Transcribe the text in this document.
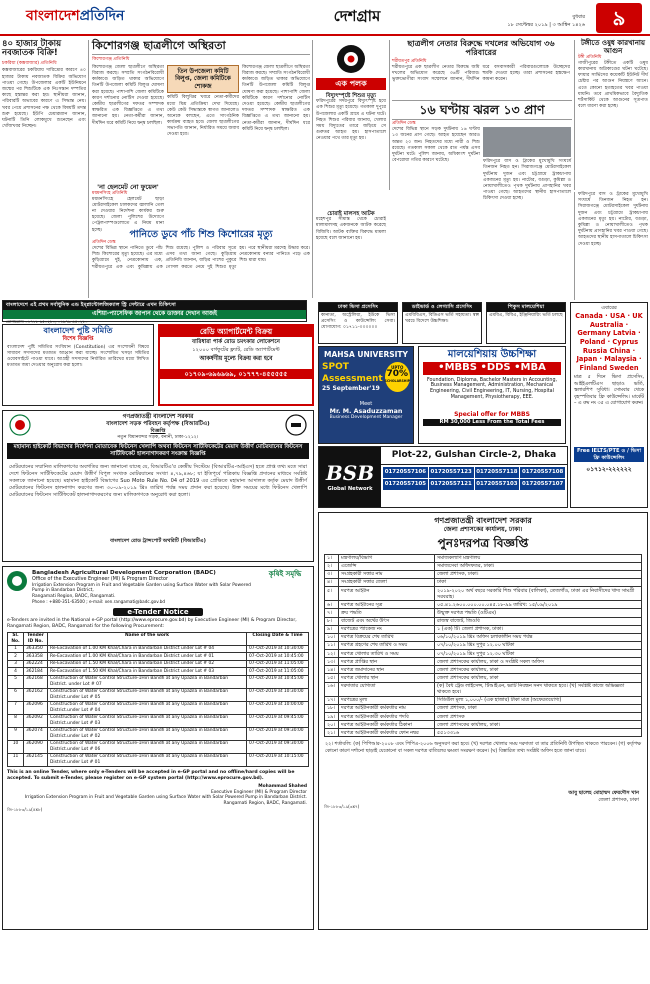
বাংলাদেশপ্রতিদিন	দেশগ্রাম	বুধবার
১৮ সেপ্টেম্বর ২০১৯ | ৩ আশ্বিন ১৪২৬	৯
৪০ হাজার টাকায় নবজাতক বিক্রি!
চকরিয়া (কক্সবাজার) প্রতিনিধি
কক্সবাজারের চকরিয়ায় দারিদ্র্যের কারণে ৪০ হাজার টাকায় নবজাতক বিক্রির অভিযোগ পাওয়া গেছে। উপজেলার একটি ইউনিয়নে জন্মের পর শিশুটিকে এক নিঃসন্তান দম্পতির কাছে হস্তান্তর করা হয়। স্থানীয়রা জানান, পরিবারটি অভাবের কারণে এ সিদ্ধান্ত নেয়। খবর পেয়ে প্রশাসনের পক্ষ থেকে বিষয়টি তদন্ত শুরু হয়েছে। ইউপি চেয়ারম্যান জানান, ঘটনাটি তিনি লোকমুখে শুনেছেন এবং খোঁজখবর নিচ্ছেন।
বাংলাদেশে এই প্রথম সর্বাধুনিক এন্ড ইম্প্লান্টোলজিক্যাল স্ট্রি সেন্টারে এখন চিকিৎসা
এশিয়া-প্যাসেফিক জাপান থেকে ডাক্তার দেখান আজই
যোগাযোগ: ০১৭১৮-৬৫০২৮০, ০১৯৭৯-৬৫০২৮০
কিশোরগঞ্জ ছাত্রলীগে অস্থিরতা
কিশোরগঞ্জ প্রতিনিধি
কিশোরগঞ্জ জেলা ছাত্রলীগে অস্থিরতা বিরাজ করছে। সম্প্রতি সংগঠনবিরোধী কর্মকাণ্ডে জড়িত থাকার অভিযোগে তিনটি উপজেলা কমিটি বিলুপ্ত ঘোষণা করা হয়েছে। পাশাপাশি জেলা কমিটিকে কারণ দর্শানোর নোটিস দেওয়া হয়েছে। কেন্দ্রীয় ছাত্রলীগের দফতর সম্পাদক স্বাক্ষরিত এক বিজ্ঞপ্তিতে এ তথ্য জানানো হয়। নেতা-কর্মীরা জানান, দীর্ঘদিন ধরে কমিটি নিয়ে দ্বন্দ্ব চলছিল।
তিন উপজেলা কমিটি বিলুপ্ত, জেলা কমিটিকে শোকজ
কমিটি বিলুপ্তির খবরে নেতা-কর্মীদের মধ্যে মিশ্র প্রতিক্রিয়া দেখা দিয়েছে। কেউ কেউ সিদ্ধান্তকে স্বাগত জানালেও অনেকে বলছেন, এতে সাংগঠনিক কার্যক্রম ব্যাহত হবে। জেলা ছাত্রলীগের সভাপতি জানান, নির্ধারিত সময়ে জবাব দেওয়া হবে।
কিশোরগঞ্জ জেলা ছাত্রলীগে অস্থিরতা বিরাজ করছে। সম্প্রতি সংগঠনবিরোধী কর্মকাণ্ডে জড়িত থাকার অভিযোগে তিনটি উপজেলা কমিটি বিলুপ্ত ঘোষণা করা হয়েছে। পাশাপাশি জেলা কমিটিকে কারণ দর্শানোর নোটিস দেওয়া হয়েছে। কেন্দ্রীয় ছাত্রলীগের দফতর সম্পাদক স্বাক্ষরিত এক বিজ্ঞপ্তিতে এ তথ্য জানানো হয়। নেতা-কর্মীরা জানান, দীর্ঘদিন ধরে কমিটি নিয়ে দ্বন্দ্ব চলছিল।
'না হেলমেট নো ফুয়েল'
ময়মনসিংহ প্রতিনিধি
ময়মনসিংহে হেলমেট ছাড়া মোটরসাইকেল চালকদের জ্বালানি তেল না দেওয়ার নির্দেশনা কার্যকর শুরু হয়েছে। জেলা পুলিশের উদ্যোগে পেট্রলপাম্পগুলোতে এ নিয়ম মানা হচ্ছে।	পানিতে ডুবে পাঁচ শিশু কিশোরের মৃত্যু
প্রতিদিন ডেস্ক
দেশের বিভিন্ন স্থানে পানিতে ডুবে পাঁচ শিশু কিশোরের মৃত্যু হয়েছে। এর মধ্যে কুড়িগ্রামে দুই, নেত্রকোনায় এক, শরীয়তপুরে এক এবং কুমিল্লায় এক শিশু রয়েছে। পুলিশ ও পরিবার সূত্রে এসব তথ্য জানা গেছে। কুড়িগ্রাম প্রতিনিধি জানান, বাড়ির পাশের পুকুরে গোসল করতে নেমে দুই শিশুর মৃত্যু হয়। পরে স্থানীয়রা মরদেহ উদ্ধার করে। নেত্রকোনায় বন্যার পানিতে পড়ে এক শিশু মারা যায়।
এক পলক
বিদ্যুৎস্পৃষ্টে শিশুর মৃত্যু
ফরিদপুরের সদরপুরে বিদ্যুৎস্পৃষ্ট হয়ে এক শিশুর মৃত্যু হয়েছে। গতকাল দুপুরে উপজেলার একটি গ্রামে এ ঘটনা ঘটে। নিহত শিশুর পরিবার জানায়, খেলার সময় বিদ্যুতের তারে জড়িয়ে সে গুরুতর আহত হয়। হাসপাতালে নেওয়ার পথে তার মৃত্যু হয়।
চোরাই মালসহ আটক
মহেশপুর সীমান্ত থেকে চোরাই মালামালসহ একজনকে আটক করেছে বিজিবি। আটক ব্যক্তির বিরুদ্ধে মামলা হয়েছে বলে জানানো হয়।
ছাত্রলীগ নেতার বিরুদ্ধে দখলের অভিযোগ ৩৬ পরিবারের
শরীয়তপুর প্রতিনিধি
শরীয়তপুরে এক ছাত্রলীগ নেতার বিরুদ্ধে জমি দখলের অভিযোগ করেছে ৩৬টি পরিবার। ভুক্তভোগীরা সংবাদ সম্মেলনে জানান, দীর্ঘদিন ধরে বসবাসকারী পরিবারগুলোকে উচ্ছেদের হুমকি দেওয়া হচ্ছে। তারা প্রশাসনের হস্তক্ষেপ কামনা করেন।
টঙ্গীতে ওষুধ কারখানায় আগুন
টঙ্গী প্রতিনিধি
গাজীপুরের টঙ্গীতে একটি ওষুধ কারখানায় অগ্নিকাণ্ডের ঘটনা ঘটেছে। ফায়ার সার্ভিসের কয়েকটি ইউনিট দীর্ঘ চেষ্টার পর আগুন নিয়ন্ত্রণে আনে। এতে কোনো হতাহতের খবর পাওয়া যায়নি। তবে প্রাথমিকভাবে বৈদ্যুতিক শর্টসার্কিট থেকে আগুনের সূত্রপাত বলে ধারণা করা হচ্ছে।
১৬ ঘণ্টায় ঝরল ১৩ প্রাণ
প্রতিদিন ডেস্ক
দেশের বিভিন্ন স্থানে সড়ক দুর্ঘটনায় ১৬ ঘণ্টায় ১৩ জনের প্রাণ গেছে। আহত হয়েছেন আরও অন্তত ২০ জন। নিহতদের মধ্যে নারী ও শিশু রয়েছে। গতকাল সকাল থেকে রাত পর্যন্ত এসব দুর্ঘটনা ঘটে। পুলিশ জানায়, অধিকাংশ দুর্ঘটনা বেপরোয়া গতির কারণে ঘটেছে।	ফরিদপুরে বাস ও ট্রাকের মুখোমুখি সংঘর্ষে তিনজন নিহত হন। সিরাজগঞ্জে মোটরসাইকেল দুর্ঘটনায় দুজন এবং চট্টগ্রামে ট্রাকচাপায় একজনের মৃত্যু হয়। নাটোর, বগুড়া, কুমিল্লা ও নোয়াখালীতেও পৃথক দুর্ঘটনায় প্রাণহানির খবর পাওয়া গেছে। আহতদের স্থানীয় হাসপাতালে চিকিৎসা দেওয়া হচ্ছে।
ফরিদপুরে বাস ও ট্রাকের মুখোমুখি সংঘর্ষে তিনজন নিহত হন। সিরাজগঞ্জে মোটরসাইকেল দুর্ঘটনায় দুজন এবং চট্টগ্রামে ট্রাকচাপায় একজনের মৃত্যু হয়। নাটোর, বগুড়া, কুমিল্লা ও নোয়াখালীতেও পৃথক দুর্ঘটনায় প্রাণহানির খবর পাওয়া গেছে। আহতদের স্থানীয় হাসপাতালে চিকিৎসা দেওয়া হচ্ছে।
বাংলাদেশ পুষ্টি সমিতি
বিশেষ বিজ্ঞপ্তি
বাংলাদেশ পুষ্টি সমিতির সংবিধান (Constitution) এর সংশোধনী বিষয়ে সাধারণ সদস্যদের মতামত আহ্বান করা যাচ্ছে। সংশোধিত খসড়া সমিতির ওয়েবসাইটে পাওয়া যাবে। আগ্রহী সদস্যদের নির্ধারিত তারিখের মধ্যে লিখিত মতামত জমা দেওয়ার অনুরোধ করা হলো।
রেডি অ্যাপার্টমেন্ট বিক্রয়
বারিধারা পার্ক রোড চমৎকার লোকেশনে
১২০০০ বর্গফুটের ফ্ল্যাট, রেডি অ্যাপার্টমেন্ট
আকর্ষণীয় মূল্যে বিক্রয় করা হবে
০১৭০৯-৬৯৬৯৬৯, ০১৭৭৭-৪৫৫৫৫৫
ঢাকা ভিসা প্রসেসিং
কানাডা, অস্ট্রেলিয়া, ইউকে ভিসা প্রসেসিং ও কাউন্সেলিং সেবা। যোগাযোগ: ০১৭১১-০০০০০০
ডাইভার্ড ও লেগ্যাসি প্রসেসিং
এমবিবিএস, বিডিএস ভর্তি সহায়তা। স্বল্প খরচে বিদেশে উচ্চশিক্ষা।
পিকুস মালয়েশিয়া
এমবিএ, বিবিএ, ইঞ্জিনিয়ারিং ভর্তি চলছে
MAHSA UNIVERSITY
SPOT Assessment
25 September'19
UPTO
70%
SCHOLARSHIP
Meet
Mr. M. Asaduzzaman
Business Development Manager
মালয়েশিয়ায় উচ্চশিক্ষা
•MBBS •DDS •MBA
Foundation, Diploma, Bachelor Masters in Accounting, Business Management, Administration, Mechanical Engineering, Civil Engineering, IT, Nursing, Hospital Management, Physiotherapy, EEE.
Special offer for MBBS
RM 30,000 Less From the Total Fees
এবারের
Canada · USA · UK Australia · Germany Latvia · Poland · Cyprus Russia China · Japan · Malaysia · Finland Sweden
মাত্র ৫ দিনে ভিসা প্রসেসিং, আইইএলটিএস ছাড়াও ভর্তি, স্কলারশিপ সুবিধা। সোমবার থেকে বৃহস্পতিবার ফ্রি কাউন্সেলিং। মার্কেট – এ রুম নং ৩৫ এ যোগাযোগ করুন।
Free IELTS/PTE ও / ভিসা ফ্রি কাউন্সেলিং
০১৭১২-২২২২২২
BSB
Global Network
Plot-22, Gulshan Circle-2, Dhaka
01720557106 01720557123 01720557118 01720557108
01720557105 01720557121 01720557103 01720557107
গণপ্রজাতন্ত্রী বাংলাদেশ সরকার
বাংলাদেশ সড়ক পরিবহন কর্তৃপক্ষ (বিআরটিএ)
বিজ্ঞপ্তি
নতুন বিমানবন্দর সড়ক, বনানী, ঢাকা-১২১২।
মহামান্য হাইকোর্ট বিভাগের নির্দেশনা মোতাবেক ফিটনেস খেলাপি অথবা ফিটনেস সার্টিফিকেটের মেয়াদ উত্তীর্ণ মোটরযানের ফিটনেস সার্টিফিকেট হালনাগাদকরণ সংক্রান্ত বিজ্ঞপ্তি
মোটরযানের সম্মানিত মালিকগণের অবগতির জন্য জানানো যাচ্ছে যে, বিআরটিএ'র কেন্দ্রীয় সিস্টেমে (বিআরটিএ-আইএস) হতে প্রাপ্ত তথ্য মতে সারা দেশে ফিটনেস সার্টিফিকেটের মেয়াদ উত্তীর্ণ বিপুল সংখ্যক মোটরযানের সংখ্যা ৪,৭৯,৪৬৮; যা ইতিপূর্বে পত্রিকায় বিজ্ঞপ্তি প্রদানের মাধ্যমে সংশ্লিষ্ট সকলকে জানানো হয়েছে। মহামান্য হাইকোর্ট বিভাগের Suo Moto Rule No. 04 of 2019 এর প্রেক্ষিতে মহামান্য আদালত কর্তৃক মেয়াদ উত্তীর্ণ মোটরযানের ফিটনেস হালনাগাদ করণের জন্য ৩০-০৯-২০১৯ খ্রিঃ তারিখ পর্যন্ত সময় প্রদান করা হয়েছে। উক্ত সময়ের মধ্যে ফিটনেস খেলাপি মোটরযানের ফিটনেস সার্টিফিকেট হালনাগাদকরণের জন্য মালিকগণকে অনুরোধ করা হলো।
বাংলাদেশ রোড ট্রান্সপোর্ট অথরিটি (বিআরটিএ)
Bangladesh Agricultural Development Corporation (BADC)
Office of the Executive Engineer (MI) & Program Director
Irrigation Extension Program in Fruit and Vegetable Garden using Surface Water with Solar Powered Pump in Bandarban District,
Rangamati Region, BADC, Rangamati.
Phone : +880-351-63500 ; e-mail: xen.rangamati@badc.gov.bd
কৃষিই সমৃদ্ধি
e-Tender Notice
e-Tenders are invited in the National e-GP portal (http://www.eprocure.gov.bd) by Executive Engineer (MI) & Program Director, Rangamati Region, BADC, Rangamati for the following Procurement:
Sl. No.	Tender ID No.	Name of the work	Closing Date & Time
1	363350	Re-Excavation of 1.00 KM Khal/Chara in Bandarban District under Lot # 04	07-Oct-2019 at 10:30:00
2	363358	Re-Excavation of 1.00 KM Khal/Chara in Bandarban District under Lot # 01	07-Oct-2019 at 10:45:00
3	362224	Re-Excavation of 1.50 KM Khal/Chara in Bandarban District under Lot # 02	07-Oct-2019 at 11:05:00
4	362184	Re-Excavation of 1.50 KM Khal/Chara in Bandarban District under Lot # 03	07-Oct-2019 at 11:05:00
5	362168	Construction of Water Control Structure-1Hiri Bandh at any Upazila in Bandarban District. under Lot # 07	07-Oct-2019 at 10:45:00
6	362162	Construction of Water Control Structure-1Hiri Bandh at any Upazila in Bandarban District.under Lot # 05	07-Oct-2019 at 10:30:00
7	362096	Construction of Water Control Structure-1Hiri Bandh at any Upazila in Bandarban District.under Lot # 04	07-Oct-2019 at 10:00:00
8	362092	Construction of Water Control Structure-1Hiri Bandh at any Upazila in Bandarban District.under Lot # 03	07-Oct-2019 at 09:45:00
9	362074	Construction of Water Control Structure-1Hiri Bandh at any Upazila in Bandarban District.under Lot # 02	07-Oct-2019 at 09:30:00
10	362090	Construction of Water Control Structure-1Hiri Bandh at any Upazila in Bandarban District.under Lot # 06	07-Oct-2019 at 09:30:00
11	362145	Construction of Water Control Structure-1Hiri Bandh at any Upazila in Bandarban District.under Lot # 01	07-Oct-2019 at 10:15:00
This is an online Tender, where only e-Tenders will be accepted in e-GP portal and no offline/hard copies will be accepted. To submit e-Tender, please register on e-GP system portal (http://www.eprocure.gov.bd).
Mohammad Shahed
Executive Engineer (MI) & Program Director
Irrigation Extension Program in Fruit and Vegetable Garden using Surface Water with Solar Powered Pump in Bandarban District.
Rangamati Region, BADC, Rangamati.
জি-১৮৮৩/১৯(৫x৮)
গণপ্রজাতন্ত্রী বাংলাদেশ সরকার
জেলা প্রশাসকের কার্যালয়, ঢাকা।
পুনঃদরপত্র বিজ্ঞপ্তি
১।	মন্ত্রণালয়/বিভাগ	সমাজকল্যাণ মন্ত্রণালয়
২।	এজেন্সি	সমাজসেবা অধিদফতর, ঢাকা।
৩।	সংগ্রহকারী সত্তার নাম	জেলা প্রশাসক, ঢাকা।
৪।	সংগ্রহকারী সত্তার জেলা	ঢাকা
৫।	দরপত্র আহ্বান	২০১৯-২০২০ অর্থ বছরে সরকারি শিশু পরিবার (বালিকা), তেজগাঁও, ঢাকা এর নিবাসীদের খাদ্য সামগ্রী সরবরাহ।
৬।	দরপত্র আহ্বানের সূত্র	০৫.৪১.২৬০০.০০০.০০.০৪৫.১৮-৯৯ তারিখ: ১৫/০৯/২০১৯
৭।	ক্রয় পদ্ধতি	উন্মুক্ত দরপত্র পদ্ধতি (ওটিএম)
৮।	বাজেট এবং অর্থের উৎস	রাজস্ব বাজেট, জিওবি
৯।	দরপত্রের প্যাকেজ নং	১ (এক) টি। জেলা প্রশাসক, ঢাকা।
১০।	দরপত্র বিক্রয়ের শেষ তারিখ	০৬/১০/২০১৯ খ্রিঃ অফিস চলাকালীন সময় পর্যন্ত
১১।	দরপত্র গ্রহণের শেষ তারিখ ও সময়	০৭/১০/২০১৯ খ্রিঃ দুপুর ১২.০০ ঘটিকা
১২।	দরপত্র খোলার তারিখ ও সময়	০৭/১০/২০১৯ খ্রিঃ দুপুর ১২.৩০ ঘটিকা
১৩।	দরপত্র প্রাপ্তির স্থান	জেলা প্রশাসকের কার্যালয়, ঢাকা ও সংশ্লিষ্ট সকল অফিস
১৪।	দরপত্র জমাদানের স্থান	জেলা প্রশাসকের কার্যালয়, ঢাকা
১৫।	দরপত্র খোলার স্থান	জেলা প্রশাসকের কার্যালয়, ঢাকা
১৬।	দরদাতার যোগ্যতা	(ক) বৈধ ট্রেড লাইসেন্স, টিআইএন, ভ্যাট নিবন্ধন সনদ থাকতে হবে। (খ) সংশ্লিষ্ট কাজে অভিজ্ঞতা থাকতে হবে।
১৭।	দরপত্রের মূল্য	সিডিউল মূল্য ১,০০০/- (এক হাজার) টাকা মাত্র (অফেরতযোগ্য)
১৮।	দরপত্র আহ্বানকারী কর্মকর্তার নাম	জেলা প্রশাসক, ঢাকা
১৯।	দরপত্র আহ্বানকারী কর্মকর্তার পদবি	জেলা প্রশাসক
২০।	দরপত্র আহ্বানকারী কর্মকর্তার ঠিকানা	জেলা প্রশাসকের কার্যালয়, ঢাকা।
২১।	দরপত্র আহ্বানকারী কর্মকর্তার ফোন নম্বর	৫৫১৩৩১৬
২২। শর্তাবলি: (ক) পিপিআর-২০০৮ এবং পিপিএ-২০০৬ অনুসরণ করা হবে। (খ) দরপত্র খোলার সময় দরদাতা বা তার প্রতিনিধি উপস্থিত থাকতে পারবেন। (গ) কর্তৃপক্ষ কোনো কারণ দর্শানো ছাড়াই যেকোনো বা সকল দরপত্র বাতিলের ক্ষমতা সংরক্ষণ করেন। (ঘ) বিস্তারিত তথ্য সংশ্লিষ্ট অফিস হতে জানা যাবে।
আবু ছালেহ মোহাম্মদ ফেরদৌস খান
জেলা প্রশাসক, ঢাকা
জি-১৮৮৩/১৯(৩x৭)
